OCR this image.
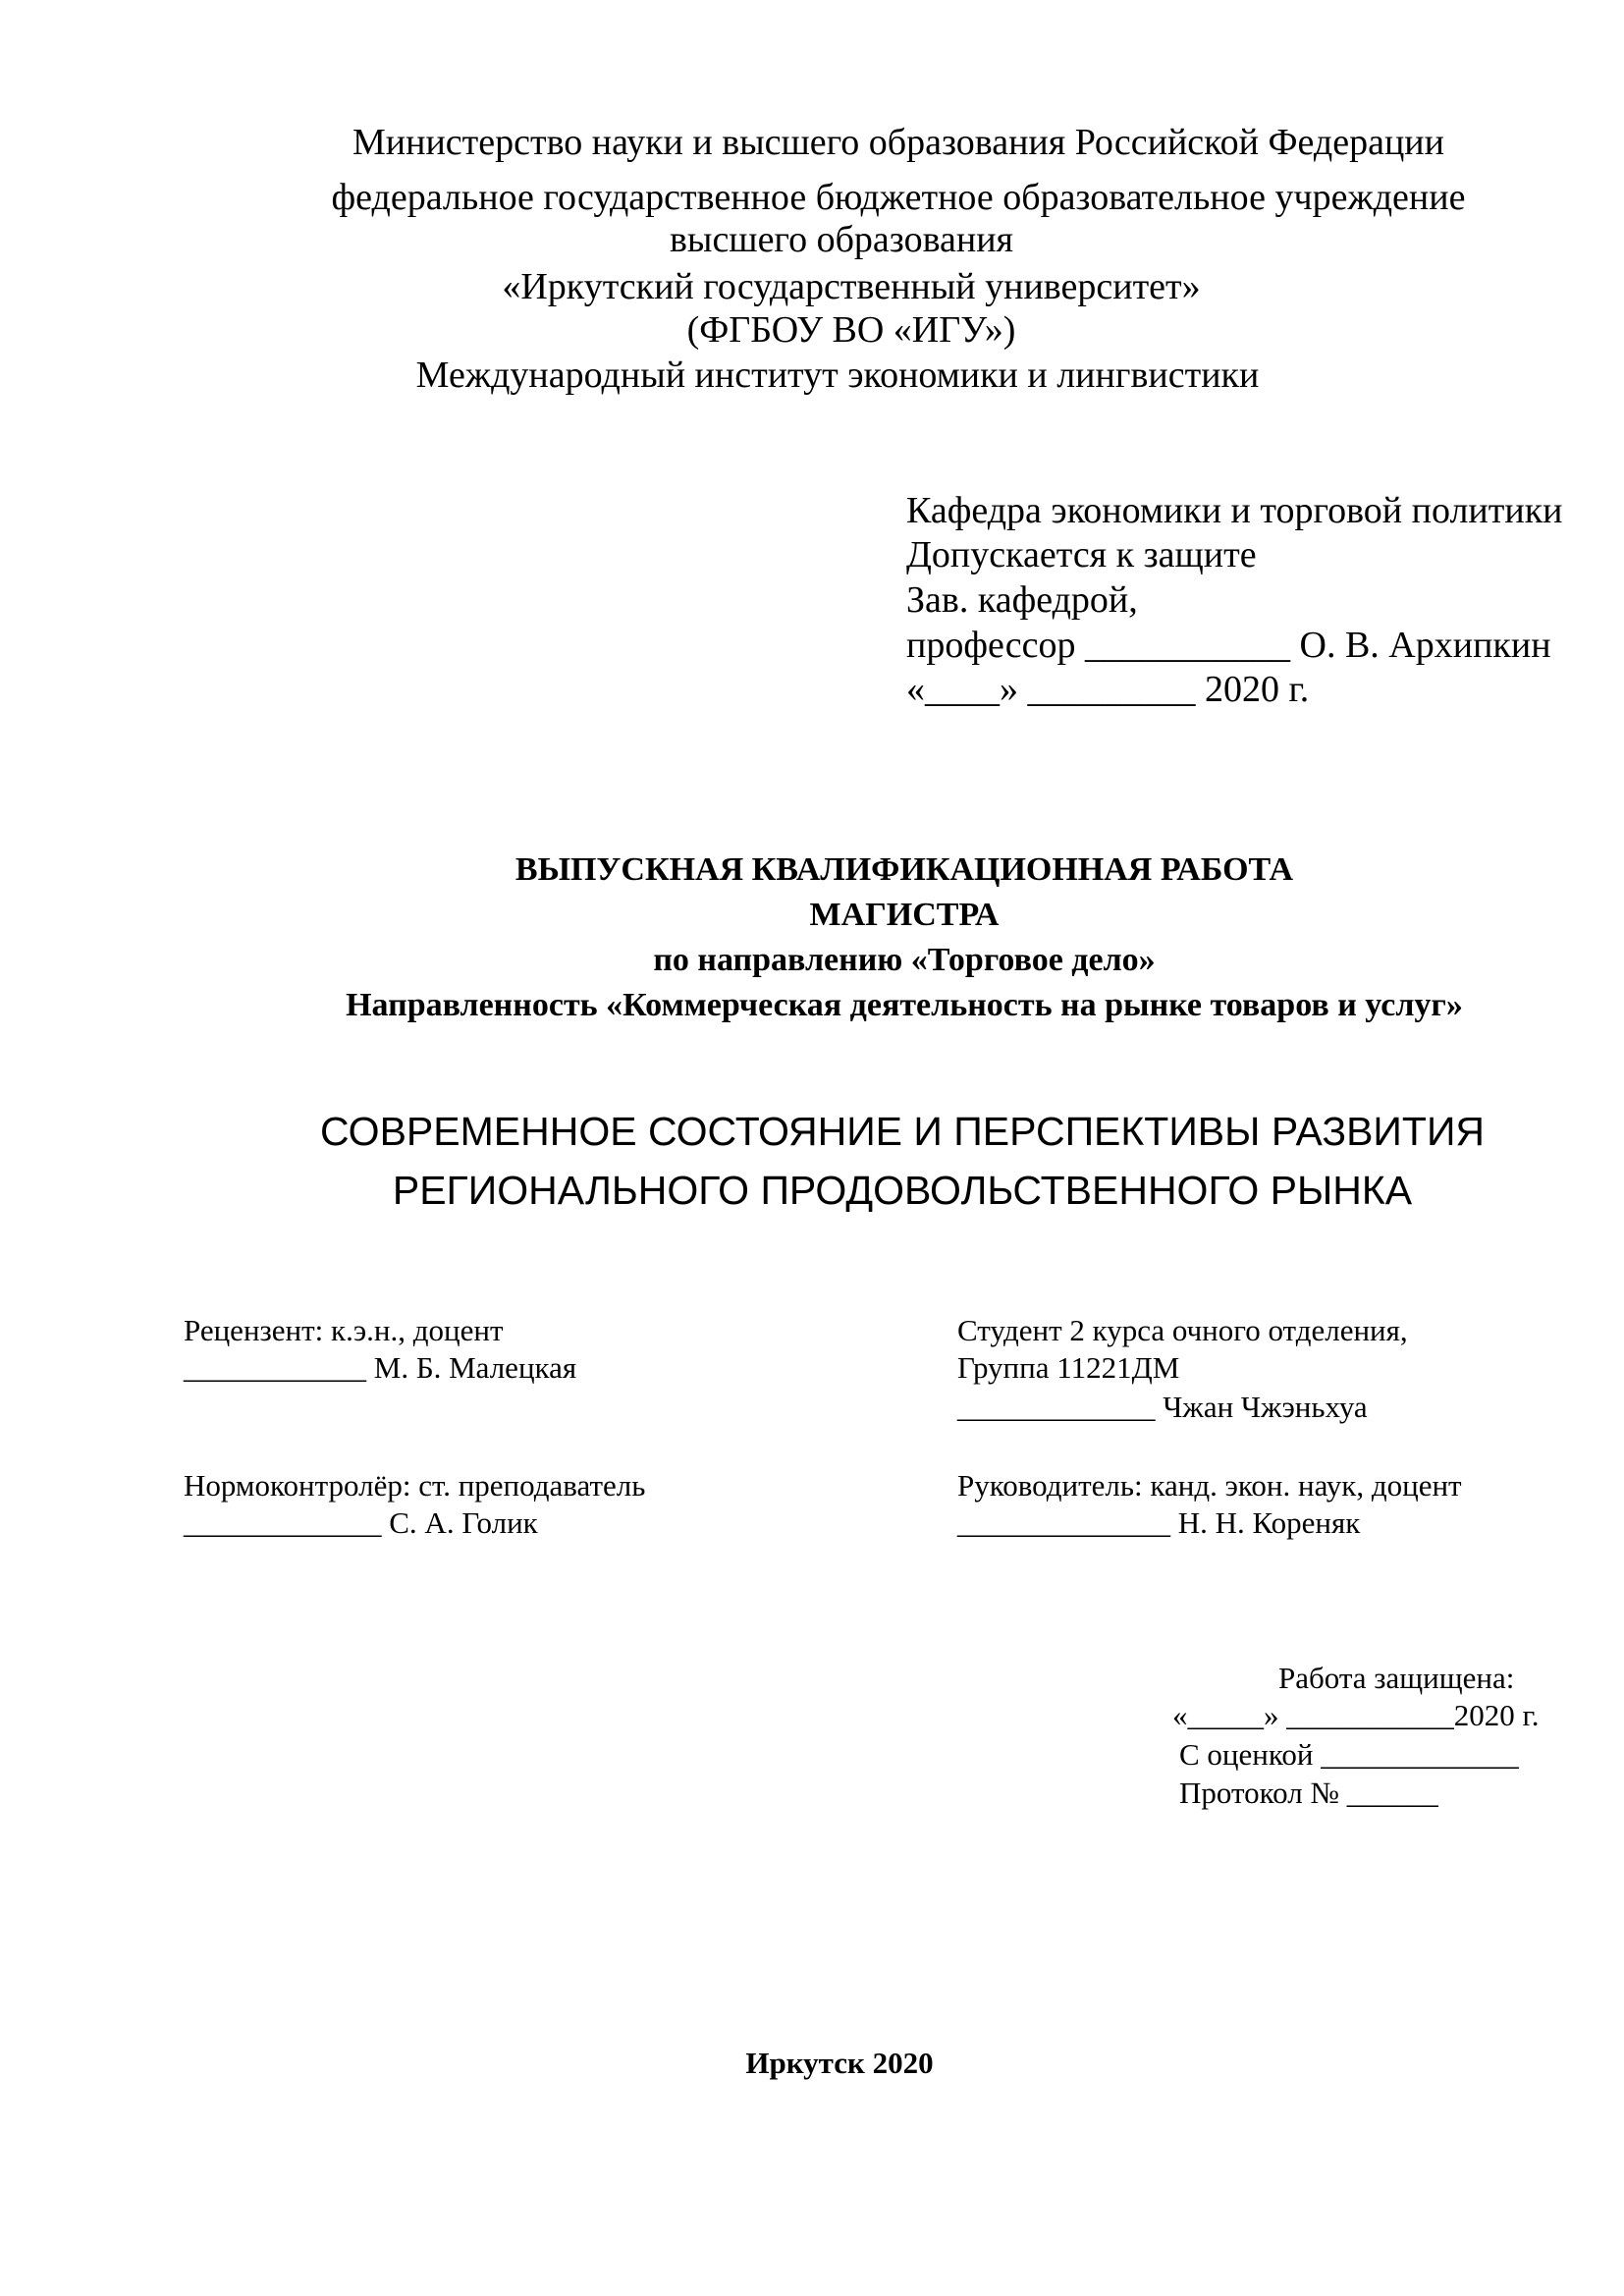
Министерство науки и высшего образования Российской Федерации
федеральное государственное бюджетное образовательное учреждение
высшего образования
«Иркутский государственный университет»
(ФГБОУ ВО «ИГУ»)
Международный институт экономики и лингвистики
Кафедра экономики и торговой политики
Допускается к защите
Зав. кафедрой,
профессор ___________ О. В. Архипкин
«____» _________ 2020 г.
ВЫПУСКНАЯ КВАЛИФИКАЦИОННАЯ РАБОТА
МАГИСТРА
по направлению «Торговое дело»
Направленность «Коммерческая деятельность на рынке товаров и услуг»
СОВРЕМЕННОЕ СОСТОЯНИЕ И ПЕРСПЕКТИВЫ РАЗВИТИЯ
РЕГИОНАЛЬНОГО ПРОДОВОЛЬСТВЕННОГО РЫНКА
Рецензент: к.э.н., доцент
____________ М. Б. Малецкая
Студент 2 курса очного отделения,
Группа 11221ДМ
_____________ Чжан Чжэньхуа
Нормоконтролёр: ст. преподаватель
_____________ С. А. Голик
Руководитель: канд. экон. наук, доцент
______________ Н. Н. Кореняк
Работа защищена:
«_____» ___________2020 г.
С оценкой _____________
Протокол № ______
Иркутск 2020
